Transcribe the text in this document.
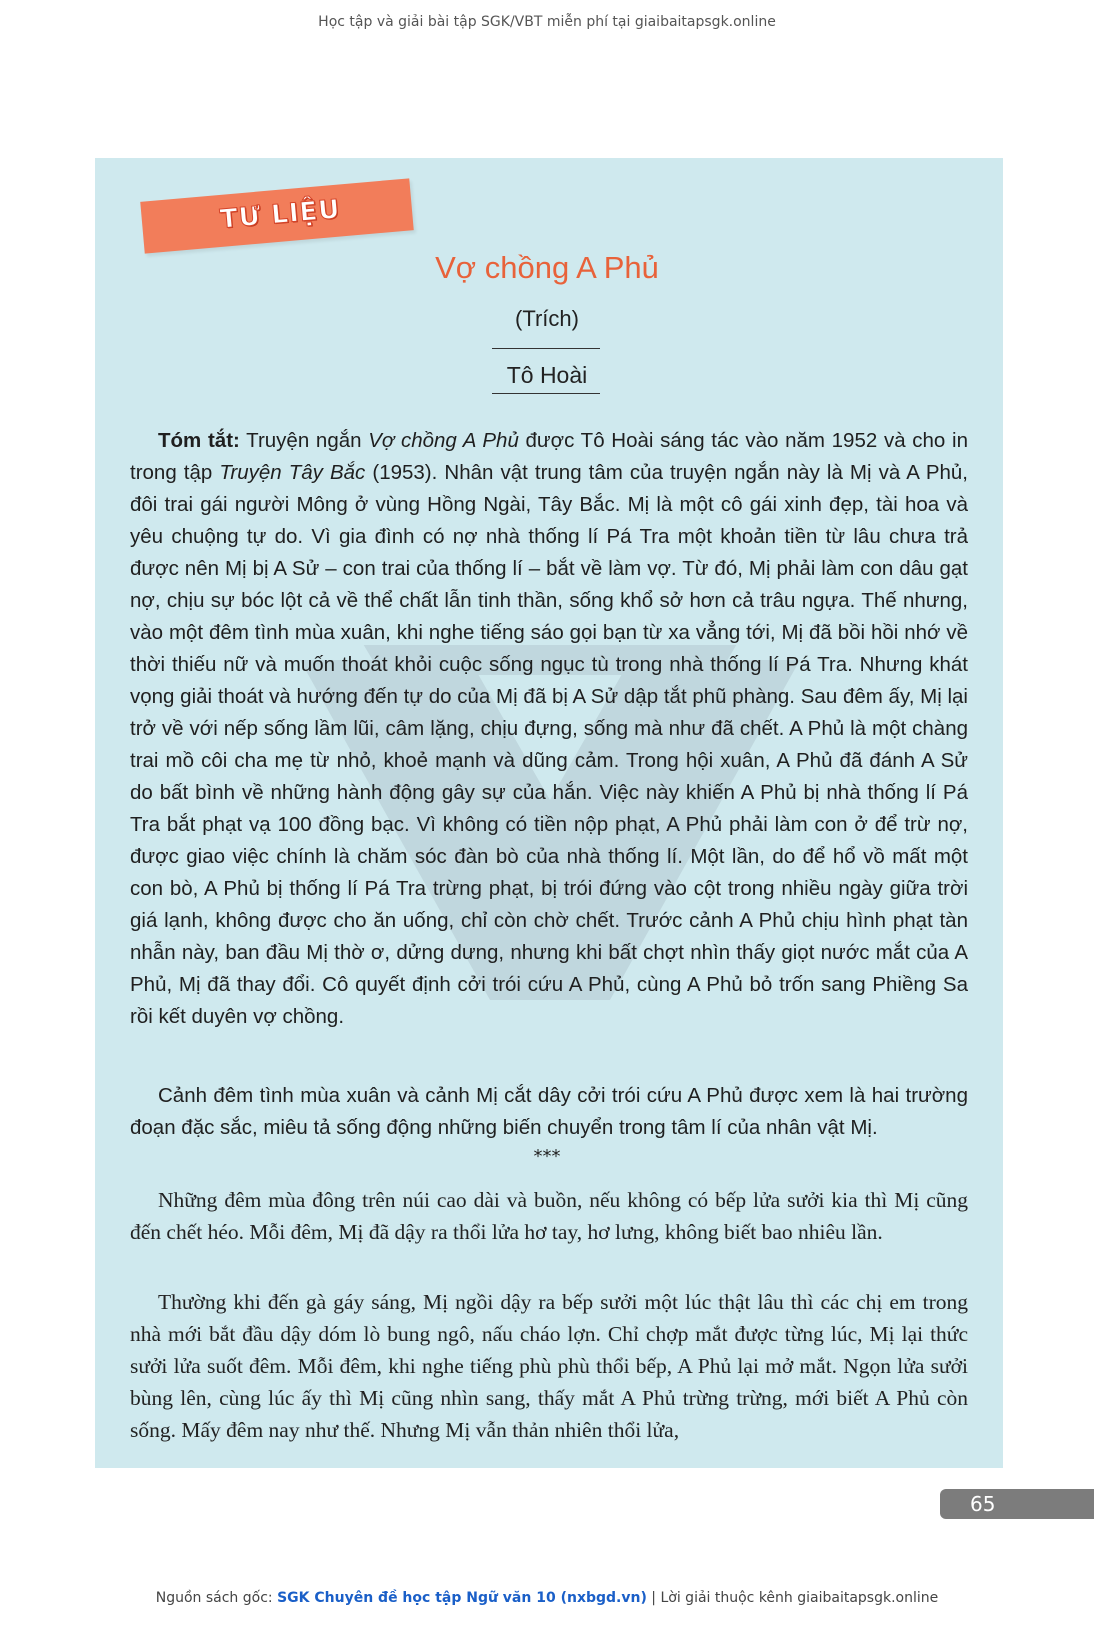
Học tập và giải bài tập SGK/VBT miễn phí tại giaibaitapsgk.online
TƯ LIỆU
Vợ chồng A Phủ
(Trích)
Tô Hoài

Tóm tắt: Truyện ngắn Vợ chồng A Phủ được Tô Hoài sáng tác vào năm 1952 và cho in trong tập Truyện Tây Bắc (1953). Nhân vật trung tâm của truyện ngắn này là Mị và A Phủ, đôi trai gái người Mông ở vùng Hồng Ngài, Tây Bắc. Mị là một cô gái xinh đẹp, tài hoa và yêu chuộng tự do. Vì gia đình có nợ nhà thống lí Pá Tra một khoản tiền từ lâu chưa trả được nên Mị bị A Sử – con trai của thống lí – bắt về làm vợ. Từ đó, Mị phải làm con dâu gạt nợ, chịu sự bóc lột cả về thể chất lẫn tinh thần, sống khổ sở hơn cả trâu ngựa. Thế nhưng, vào một đêm tình mùa xuân, khi nghe tiếng sáo gọi bạn từ xa vẳng tới, Mị đã bồi hồi nhớ về thời thiếu nữ và muốn thoát khỏi cuộc sống ngục tù trong nhà thống lí Pá Tra. Nhưng khát vọng giải thoát và hướng đến tự do của Mị đã bị A Sử dập tắt phũ phàng. Sau đêm ấy, Mị lại trở về với nếp sống lầm lũi, câm lặng, chịu đựng, sống mà như đã chết. A Phủ là một chàng trai mồ côi cha mẹ từ nhỏ, khoẻ mạnh và dũng cảm. Trong hội xuân, A Phủ đã đánh A Sử do bất bình về những hành động gây sự của hắn. Việc này khiến A Phủ bị nhà thống lí Pá Tra bắt phạt vạ 100 đồng bạc. Vì không có tiền nộp phạt, A Phủ phải làm con ở để trừ nợ, được giao việc chính là chăm sóc đàn bò của nhà thống lí. Một lần, do để hổ vồ mất một con bò, A Phủ bị thống lí Pá Tra trừng phạt, bị trói đứng vào cột trong nhiều ngày giữa trời giá lạnh, không được cho ăn uống, chỉ còn chờ chết. Trước cảnh A Phủ chịu hình phạt tàn nhẫn này, ban đầu Mị thờ ơ, dửng dưng, nhưng khi bất chợt nhìn thấy giọt nước mắt của A Phủ, Mị đã thay đổi. Cô quyết định cởi trói cứu A Phủ, cùng A Phủ bỏ trốn sang Phiềng Sa rồi kết duyên vợ chồng.

Cảnh đêm tình mùa xuân và cảnh Mị cắt dây cởi trói cứu A Phủ được xem là hai trường đoạn đặc sắc, miêu tả sống động những biến chuyển trong tâm lí của nhân vật Mị.

***

Những đêm mùa đông trên núi cao dài và buồn, nếu không có bếp lửa sưởi kia thì Mị cũng đến chết héo. Mỗi đêm, Mị đã dậy ra thổi lửa hơ tay, hơ lưng, không biết bao nhiêu lần.

Thường khi đến gà gáy sáng, Mị ngồi dậy ra bếp sưởi một lúc thật lâu thì các chị em trong nhà mới bắt đầu dậy dóm lò bung ngô, nấu cháo lợn. Chỉ chợp mắt được từng lúc, Mị lại thức sưởi lửa suốt đêm. Mỗi đêm, khi nghe tiếng phù phù thổi bếp, A Phủ lại mở mắt. Ngọn lửa sưởi bùng lên, cùng lúc ấy thì Mị cũng nhìn sang, thấy mắt A Phủ trừng trừng, mới biết A Phủ còn sống. Mấy đêm nay như thế. Nhưng Mị vẫn thản nhiên thổi lửa,

65
Nguồn sách gốc: SGK Chuyên đề học tập Ngữ văn 10 (nxbgd.vn) | Lời giải thuộc kênh giaibaitapsgk.online
